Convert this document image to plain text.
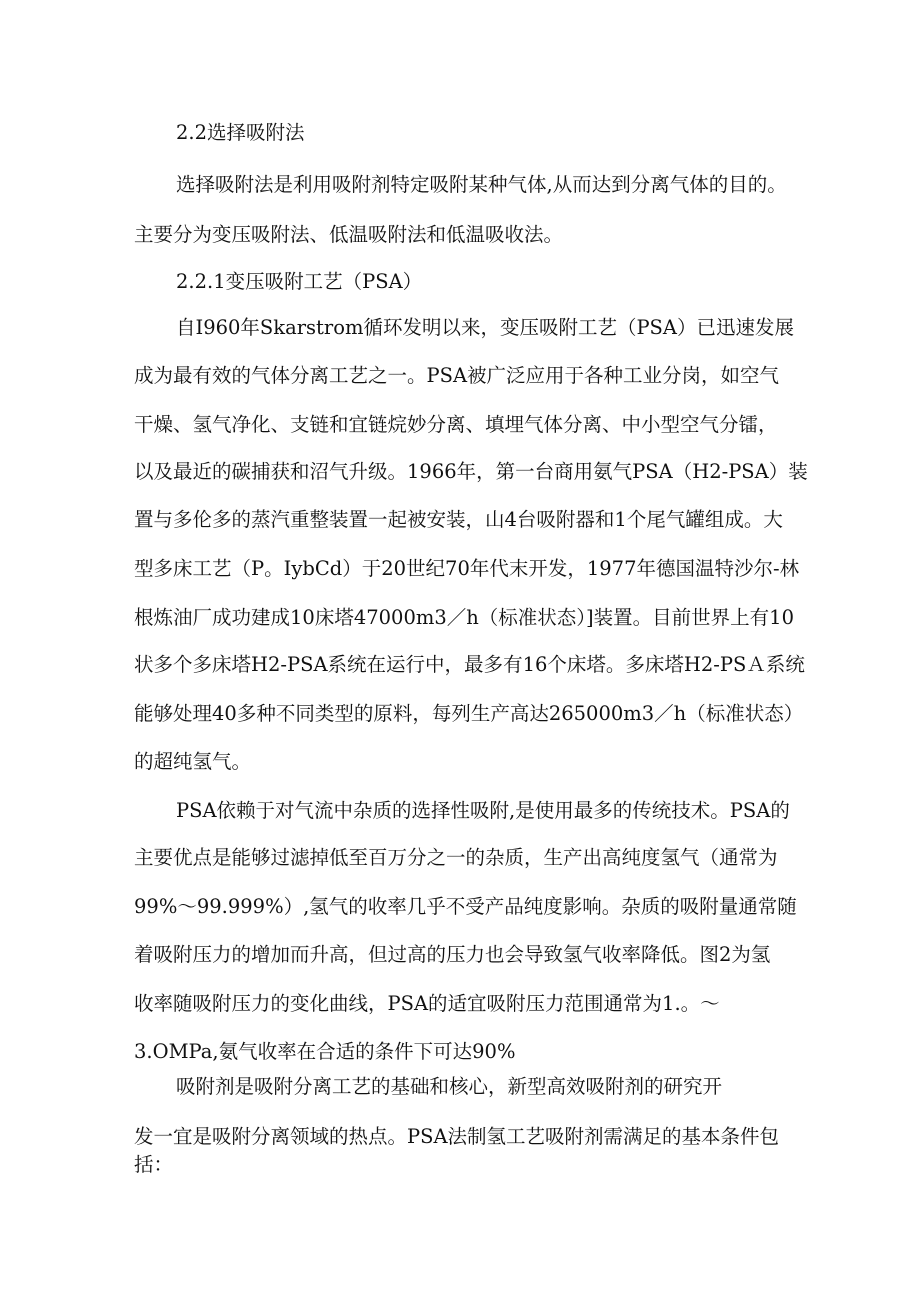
2.2选择吸附法

选择吸附法是利用吸附剂特定吸附某种气体,从而达到分离气体的目的。

主要分为变压吸附法、低温吸附法和低温吸收法。

2.2.1变压吸附工艺（PSA）

自I960年Skarstrom循环发明以来，变压吸附工艺（PSA）已迅速发展

成为最有效的气体分离工艺之一。PSA被广泛应用于各种工业分岗，如空气

干燥、氢气净化、支链和宜链烷妙分离、填埋气体分离、中小型空气分镭，

以及最近的碳捕获和沼气升级。1966年，第一台商用氨气PSA（H2-PSA）装

置与多伦多的蒸汽重整装置一起被安装，山4台吸附器和1个尾气罐组成。大

型多床工艺（P。IybCd）于20世纪70年代末开发，1977年德国温特沙尔-林

根炼油厂成功建成10床塔47000m3／h（标准状态）]装置。目前世界上有10

状多个多床塔H2-PSA系统在运行中，最多有16个床塔。多床塔H2-PSＡ系统

能够处理40多种不同类型的原料，每列生产高达265000m3／h（标准状态）

的超纯氢气。

PSA依赖于对气流中杂质的选择性吸附,是使用最多的传统技术。PSA的

主要优点是能够过滤掉低至百万分之一的杂质，生产出高纯度氢气（通常为

99%～99.999%）,氢气的收率几乎不受产品纯度影响。杂质的吸附量通常随

着吸附压力的增加而升高，但过高的压力也会导致氢气收率降低。图2为氢

收率随吸附压力的变化曲线，PSA的适宜吸附压力范围通常为1.。～

3.OMPa,氨气收率在合适的条件下可达90%

吸附剂是吸附分离工艺的基础和核心，新型高效吸附剂的研究开

发一宜是吸附分离领域的热点。PSA法制氢工艺吸附剂需满足的基本条件包

括：
